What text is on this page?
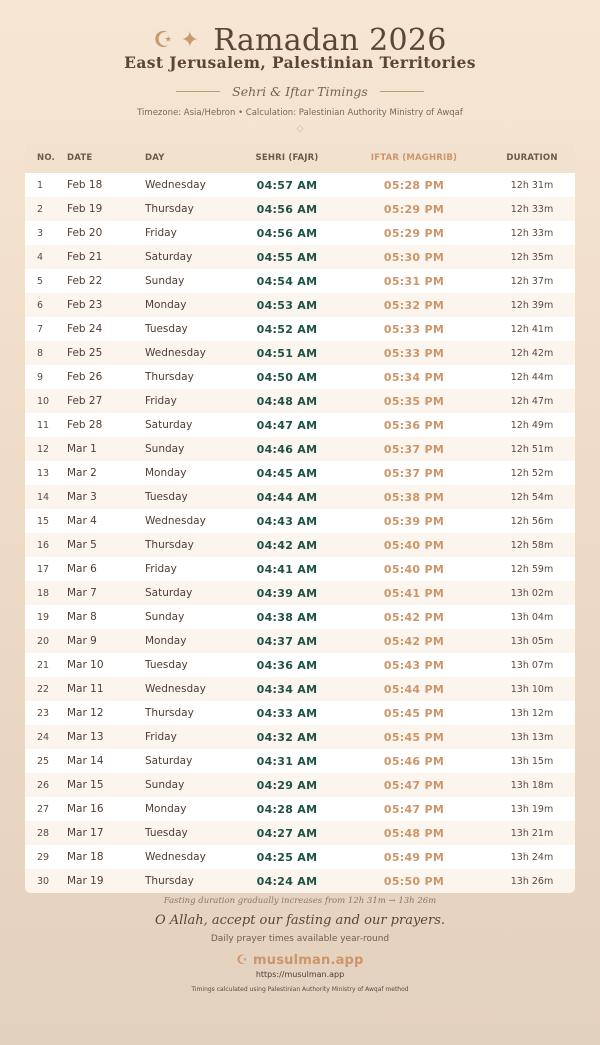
☪ ✦ Ramadan 2026
East Jerusalem, Palestinian Territories
Sehri & Iftar Timings
Timezone: Asia/Hebron • Calculation: Palestinian Authority Ministry of Awqaf
◇
NO.	DATE	DAY	SEHRI (FAJR)	IFTAR (MAGHRIB)	DURATION
1	Feb 18	Wednesday	04:57 AM	05:28 PM	12h 31m
2	Feb 19	Thursday	04:56 AM	05:29 PM	12h 33m
3	Feb 20	Friday	04:56 AM	05:29 PM	12h 33m
4	Feb 21	Saturday	04:55 AM	05:30 PM	12h 35m
5	Feb 22	Sunday	04:54 AM	05:31 PM	12h 37m
6	Feb 23	Monday	04:53 AM	05:32 PM	12h 39m
7	Feb 24	Tuesday	04:52 AM	05:33 PM	12h 41m
8	Feb 25	Wednesday	04:51 AM	05:33 PM	12h 42m
9	Feb 26	Thursday	04:50 AM	05:34 PM	12h 44m
10	Feb 27	Friday	04:48 AM	05:35 PM	12h 47m
11	Feb 28	Saturday	04:47 AM	05:36 PM	12h 49m
12	Mar 1	Sunday	04:46 AM	05:37 PM	12h 51m
13	Mar 2	Monday	04:45 AM	05:37 PM	12h 52m
14	Mar 3	Tuesday	04:44 AM	05:38 PM	12h 54m
15	Mar 4	Wednesday	04:43 AM	05:39 PM	12h 56m
16	Mar 5	Thursday	04:42 AM	05:40 PM	12h 58m
17	Mar 6	Friday	04:41 AM	05:40 PM	12h 59m
18	Mar 7	Saturday	04:39 AM	05:41 PM	13h 02m
19	Mar 8	Sunday	04:38 AM	05:42 PM	13h 04m
20	Mar 9	Monday	04:37 AM	05:42 PM	13h 05m
21	Mar 10	Tuesday	04:36 AM	05:43 PM	13h 07m
22	Mar 11	Wednesday	04:34 AM	05:44 PM	13h 10m
23	Mar 12	Thursday	04:33 AM	05:45 PM	13h 12m
24	Mar 13	Friday	04:32 AM	05:45 PM	13h 13m
25	Mar 14	Saturday	04:31 AM	05:46 PM	13h 15m
26	Mar 15	Sunday	04:29 AM	05:47 PM	13h 18m
27	Mar 16	Monday	04:28 AM	05:47 PM	13h 19m
28	Mar 17	Tuesday	04:27 AM	05:48 PM	13h 21m
29	Mar 18	Wednesday	04:25 AM	05:49 PM	13h 24m
30	Mar 19	Thursday	04:24 AM	05:50 PM	13h 26m
Fasting duration gradually increases from 12h 31m → 13h 26m
O Allah, accept our fasting and our prayers.
Daily prayer times available year-round
☪ musulman.app
https://musulman.app
Timings calculated using Palestinian Authority Ministry of Awqaf method
